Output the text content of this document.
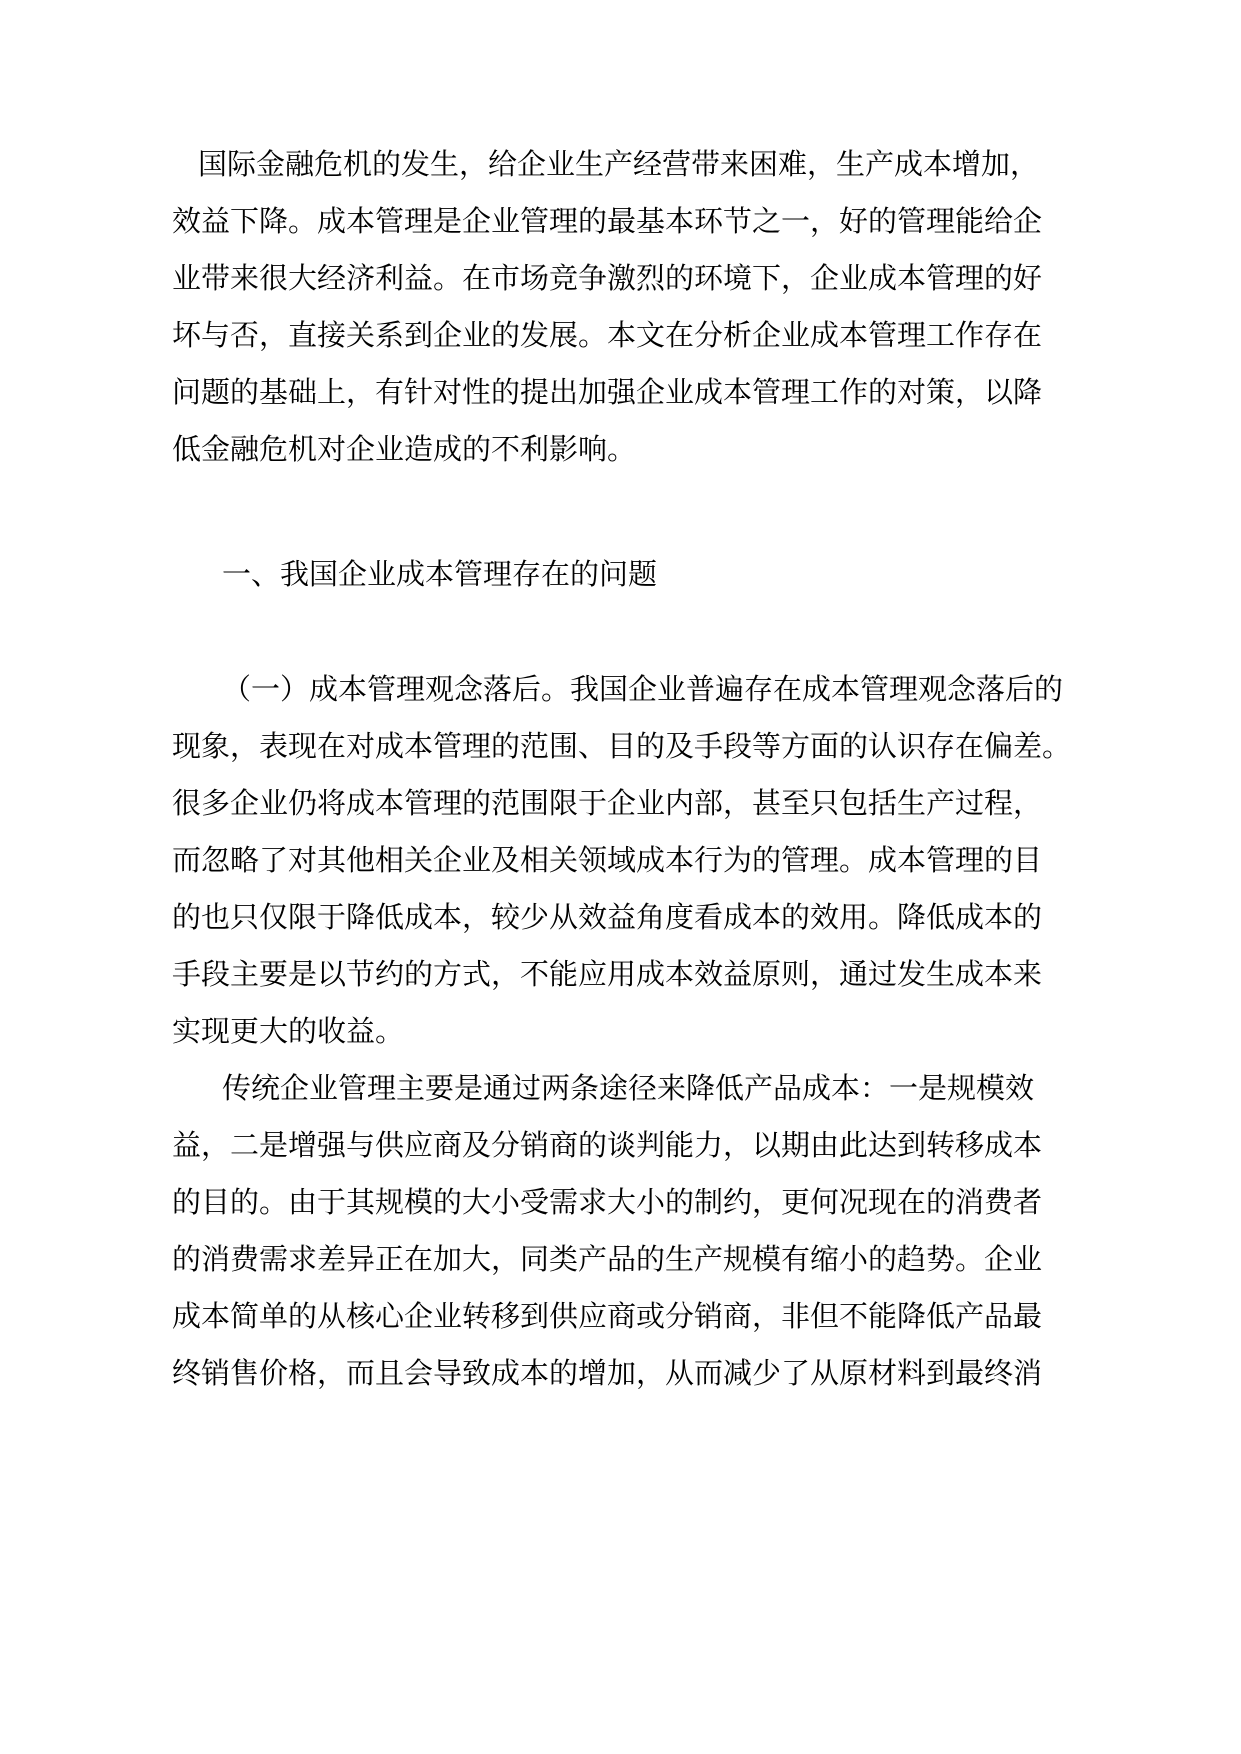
国际金融危机的发生，给企业生产经营带来困难，生产成本增加，
效益下降。成本管理是企业管理的最基本环节之一，好的管理能给企
业带来很大经济利益。在市场竞争激烈的环境下，企业成本管理的好
坏与否，直接关系到企业的发展。本文在分析企业成本管理工作存在
问题的基础上，有针对性的提出加强企业成本管理工作的对策，以降
低金融危机对企业造成的不利影响。
一、我国企业成本管理存在的问题
（一）成本管理观念落后。我国企业普遍存在成本管理观念落后的
现象，表现在对成本管理的范围、目的及手段等方面的认识存在偏差。
很多企业仍将成本管理的范围限于企业内部，甚至只包括生产过程，
而忽略了对其他相关企业及相关领域成本行为的管理。成本管理的目
的也只仅限于降低成本，较少从效益角度看成本的效用。降低成本的
手段主要是以节约的方式，不能应用成本效益原则，通过发生成本来
实现更大的收益。
传统企业管理主要是通过两条途径来降低产品成本：一是规模效
益，二是增强与供应商及分销商的谈判能力，以期由此达到转移成本
的目的。由于其规模的大小受需求大小的制约，更何况现在的消费者
的消费需求差异正在加大，同类产品的生产规模有缩小的趋势。企业
成本简单的从核心企业转移到供应商或分销商，非但不能降低产品最
终销售价格，而且会导致成本的增加，从而减少了从原材料到最终消
